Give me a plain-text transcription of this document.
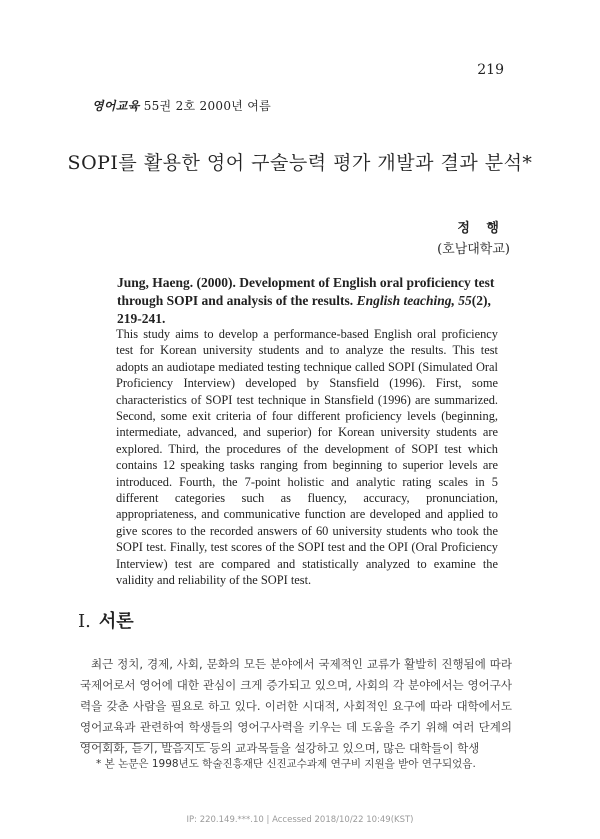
219
영어교육 55권 2호 2000년 여름
SOPI를 활용한 영어 구술능력 평가 개발과 결과 분석*
정 행
(호남대학교)
Jung, Haeng. (2000). Development of English oral proficiency test through SOPI and analysis of the results. English teaching, 55(2), 219-241.
This study aims to develop a performance-based English oral proficiency test for Korean university students and to analyze the results. This test adopts an audiotape mediated testing technique called SOPI (Simulated Oral Proficiency Interview) developed by Stansfield (1996). First, some characteristics of SOPI test technique in Stansfield (1996) are summarized. Second, some exit criteria of four different proficiency levels (beginning, intermediate, advanced, and superior) for Korean university students are explored. Third, the procedures of the development of SOPI test which contains 12 speaking tasks ranging from beginning to superior levels are introduced. Fourth, the 7-point holistic and analytic rating scales in 5 different categories such as fluency, accuracy, pronunciation, appropriateness, and communicative function are developed and applied to give scores to the recorded answers of 60 university students who took the SOPI test. Finally, test scores of the SOPI test and the OPI (Oral Proficiency Interview) test are compared and statistically analyzed to examine the validity and reliability of the SOPI test.
I. 서론

최근 정치, 경제, 사회, 문화의 모든 분야에서 국제적인 교류가 활발히 진행됨에 따라 국제어로서 영어에 대한 관심이 크게 증가되고 있으며, 사회의 각 분야에서는 영어구사력을 갖춘 사람을 필요로 하고 있다. 이러한 시대적, 사회적인 요구에 따라 대학에서도 영어교육과 관련하여 학생들의 영어구사력을 키우는 데 도움을 주기 위해 여러 단계의 영어회화, 듣기, 발음지도 등의 교과목들을 설강하고 있으며, 많은 대학들이 학생

* 본 논문은 1998년도 학술진흥재단 신진교수과제 연구비 지원을 받아 연구되었음.
IP: 220.149.***.10 | Accessed 2018/10/22 10:49(KST)
